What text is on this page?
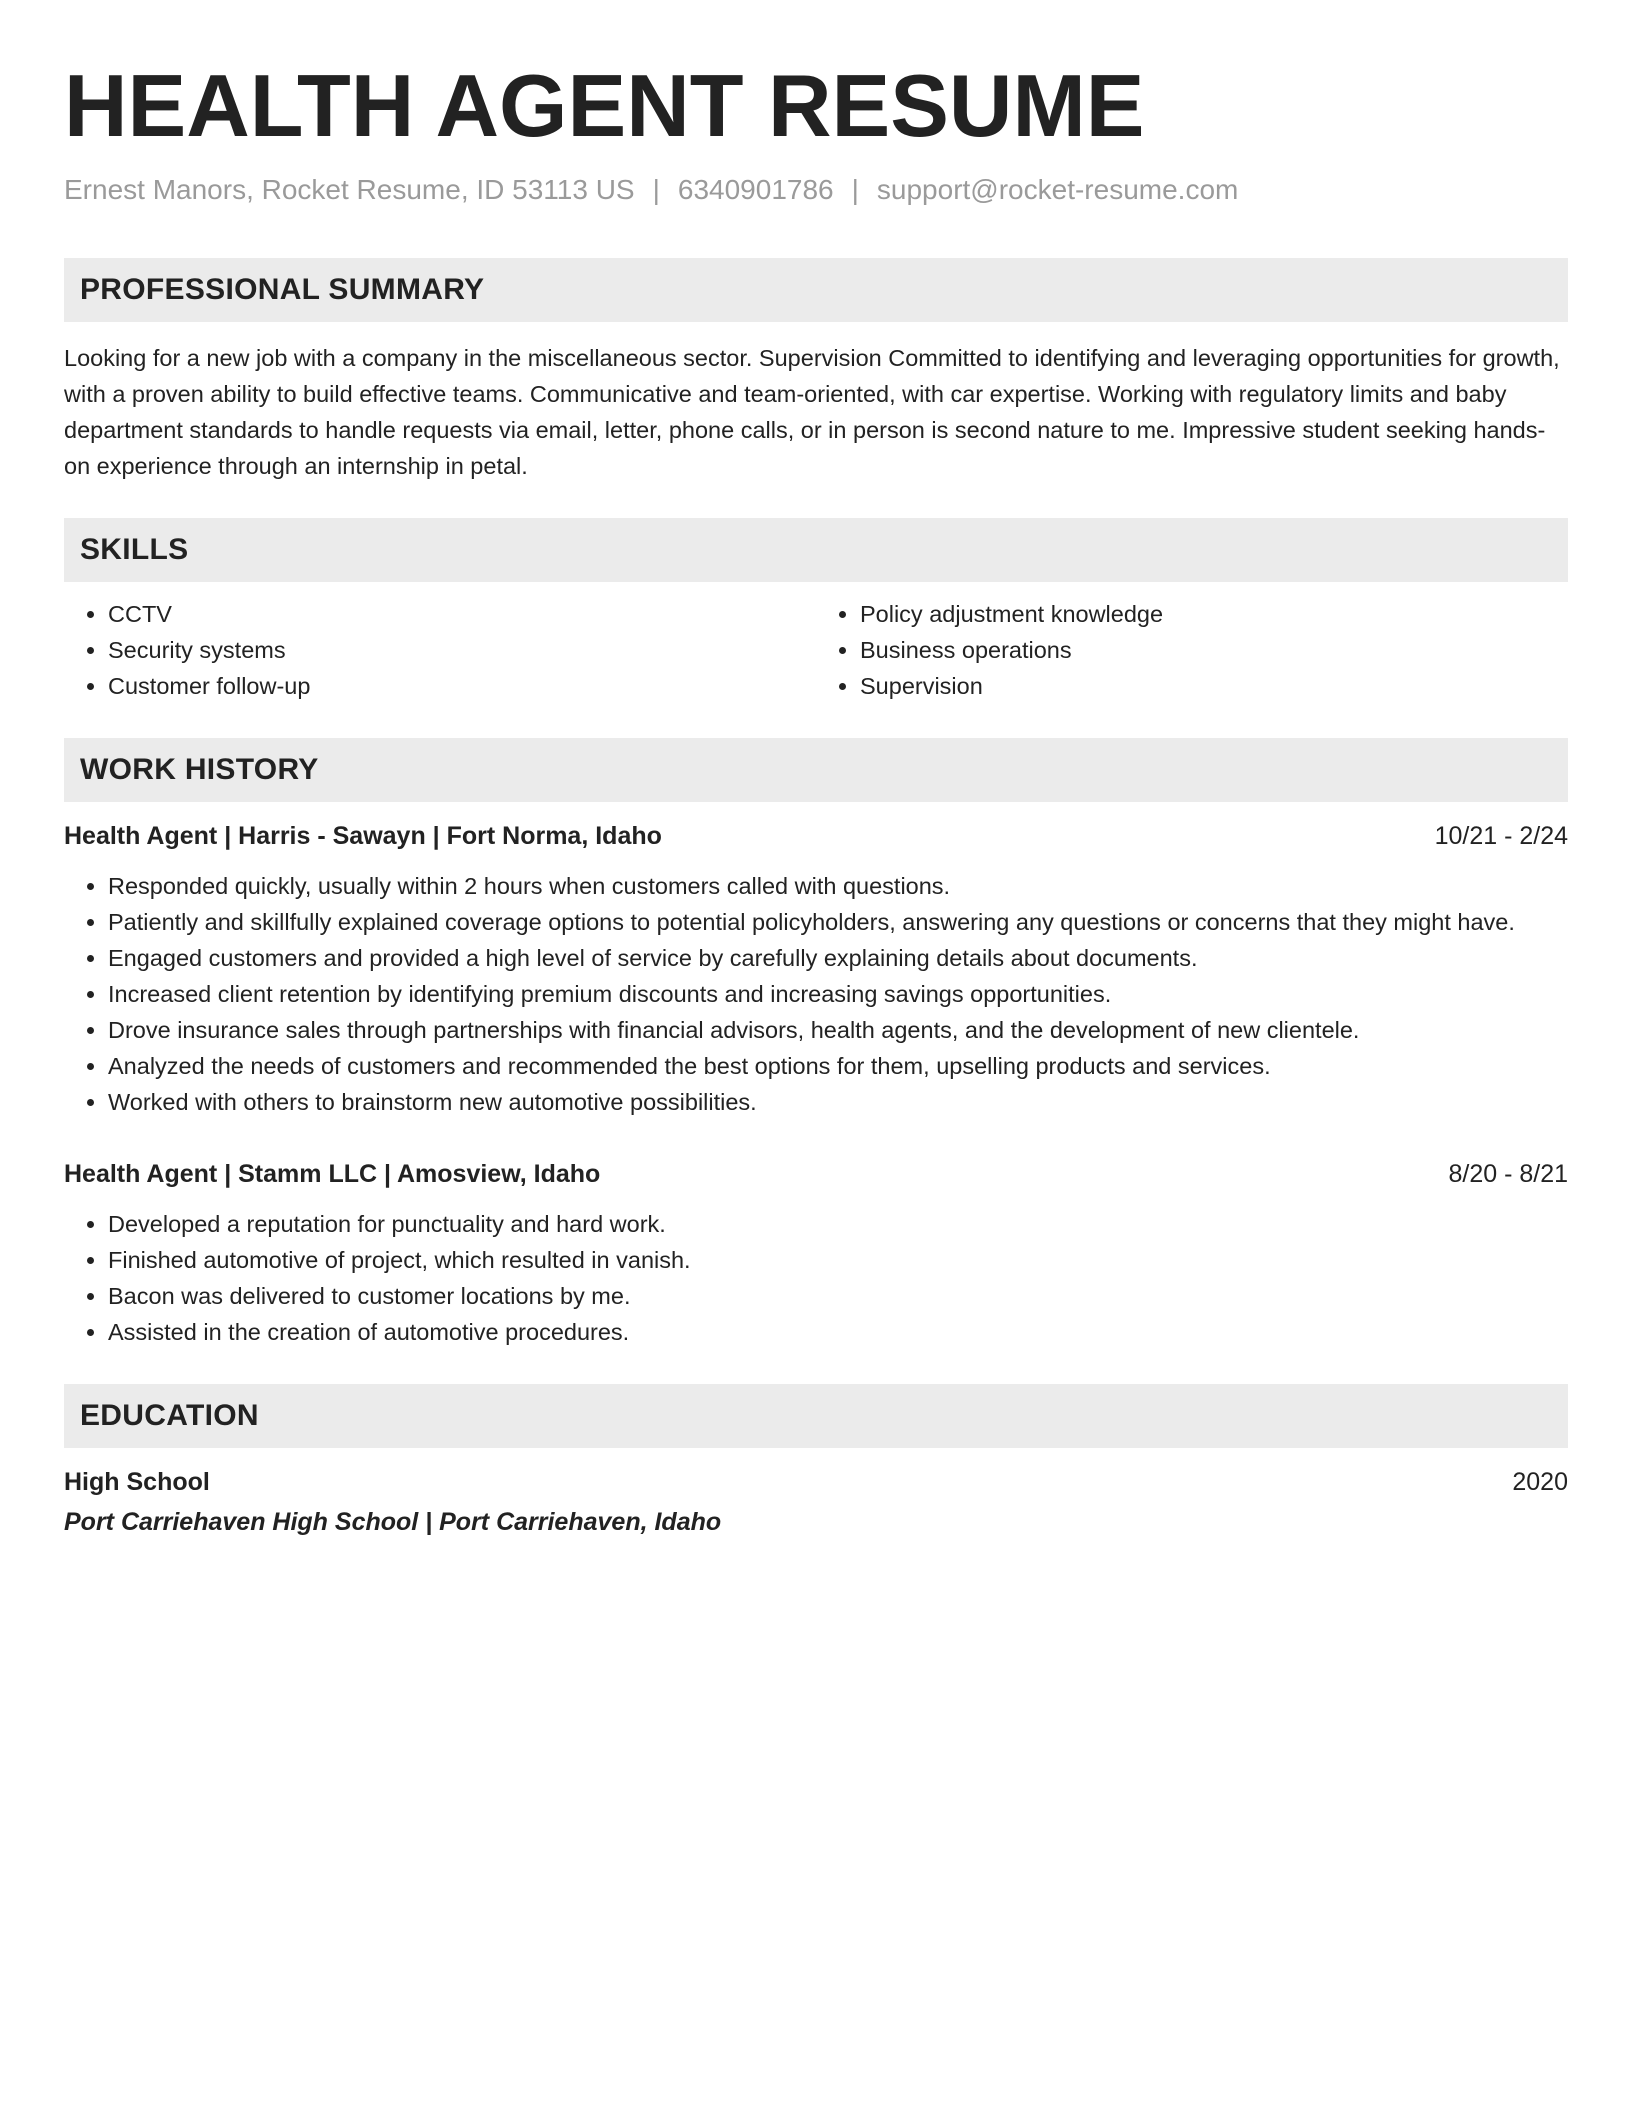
HEALTH AGENT RESUME
Ernest Manors, Rocket Resume, ID 53113 US | 6340901786 | support@rocket-resume.com
PROFESSIONAL SUMMARY
Looking for a new job with a company in the miscellaneous sector. Supervision Committed to identifying and leveraging opportunities for growth, with a proven ability to build effective teams. Communicative and team-oriented, with car expertise. Working with regulatory limits and baby department standards to handle requests via email, letter, phone calls, or in person is second nature to me. Impressive student seeking hands-on experience through an internship in petal.
SKILLS
• CCTV
• Security systems
• Customer follow-up
• Policy adjustment knowledge
• Business operations
• Supervision
WORK HISTORY
Health Agent | Harris - Sawayn | Fort Norma, Idaho	10/21 - 2/24
• Responded quickly, usually within 2 hours when customers called with questions.
• Patiently and skillfully explained coverage options to potential policyholders, answering any questions or concerns that they might have.
• Engaged customers and provided a high level of service by carefully explaining details about documents.
• Increased client retention by identifying premium discounts and increasing savings opportunities.
• Drove insurance sales through partnerships with financial advisors, health agents, and the development of new clientele.
• Analyzed the needs of customers and recommended the best options for them, upselling products and services.
• Worked with others to brainstorm new automotive possibilities.
Health Agent | Stamm LLC | Amosview, Idaho	8/20 - 8/21
• Developed a reputation for punctuality and hard work.
• Finished automotive of project, which resulted in vanish.
• Bacon was delivered to customer locations by me.
• Assisted in the creation of automotive procedures.
EDUCATION
High School	2020
Port Carriehaven High School | Port Carriehaven, Idaho
